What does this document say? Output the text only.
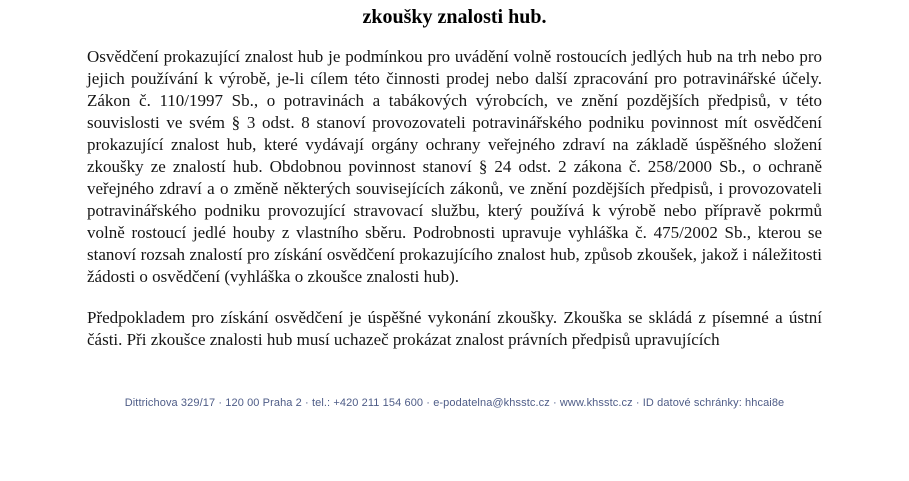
zkoušky znalosti hub.

Osvědčení prokazující znalost hub je podmínkou pro uvádění volně rostoucích jedlých hub na trh nebo pro jejich používání k výrobě, je-li cílem této činnosti prodej nebo další zpracování pro potravinářské účely. Zákon č. 110/1997 Sb., o potravinách a tabákových výrobcích, ve znění pozdějších předpisů, v této souvislosti ve svém § 3 odst. 8 stanoví provozovateli potravinářského podniku povinnost mít osvědčení prokazující znalost hub, které vydávají orgány ochrany veřejného zdraví na základě úspěšného složení zkoušky ze znalostí hub. Obdobnou povinnost stanoví § 24 odst. 2 zákona č. 258/2000 Sb., o ochraně veřejného zdraví a o změně některých souvisejících zákonů, ve znění pozdějších předpisů, i provozovateli potravinářského podniku provozující stravovací službu, který používá k výrobě nebo přípravě pokrmů volně rostoucí jedlé houby z vlastního sběru. Podrobnosti upravuje vyhláška č. 475/2002 Sb., kterou se stanoví rozsah znalostí pro získání osvědčení prokazujícího znalost hub, způsob zkoušek, jakož i náležitosti žádosti o osvědčení (vyhláška o zkoušce znalosti hub).

Předpokladem pro získání osvědčení je úspěšné vykonání zkoušky. Zkouška se skládá z písemné a ústní části. Při zkoušce znalosti hub musí uchazeč prokázat znalost právních předpisů upravujících

Dittrichova 329/17 · 120 00 Praha 2 · tel.: +420 211 154 600 · e-podatelna@khsstc.cz · www.khsstc.cz · ID datové schránky: hhcai8e
